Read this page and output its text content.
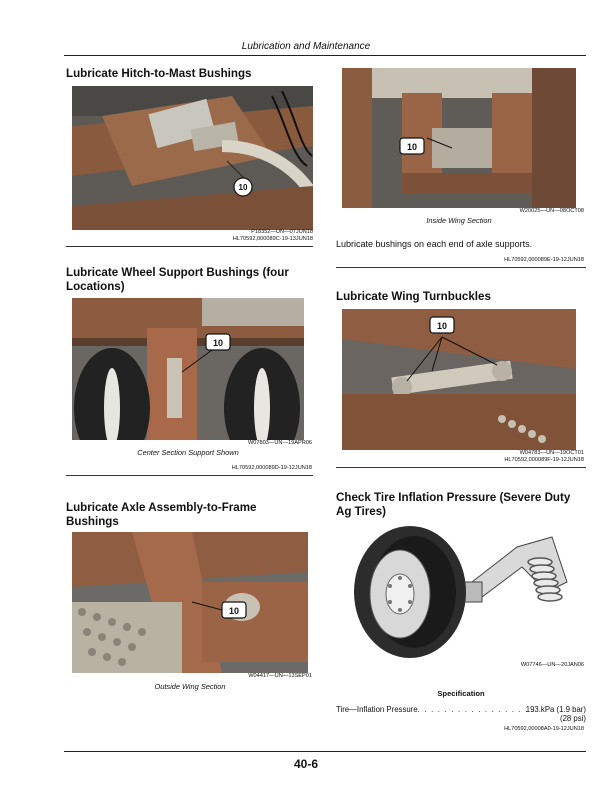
Lubrication and Maintenance
Lubricate Hitch-to-Mast Bushings
10
P18352—UN—07JUN18
HL70592,000089C-19-13JUN18
Lubricate Wheel Support Bushings (four
Locations)
10
W07803—UN—19APR06
Center Section Support Shown
HL70592,000089D-19-12JUN18
Lubricate Axle Assembly-to-Frame
Bushings
10
W04417—UN—13SEP01
Outside Wing Section
10
W20025—UN—08OCT08
Inside Wing Section
Lubricate bushings on each end of axle supports.
HL70592,000089E-19-12JUN18
Lubricate Wing Turnbuckles
10
W04783—UN—19OCT01
HL70592,000089F-19-12JUN18
Check Tire Inflation Pressure (Severe Duty
Ag Tires)
W07746—UN—20JAN06
Specification
Tire—Inflation Pressure. . . . . . . . . . . . . . . . . . .
193 kPa (1.9 bar)
(28 psi)
HL70592,00008A0-19-12JUN18
40-6
